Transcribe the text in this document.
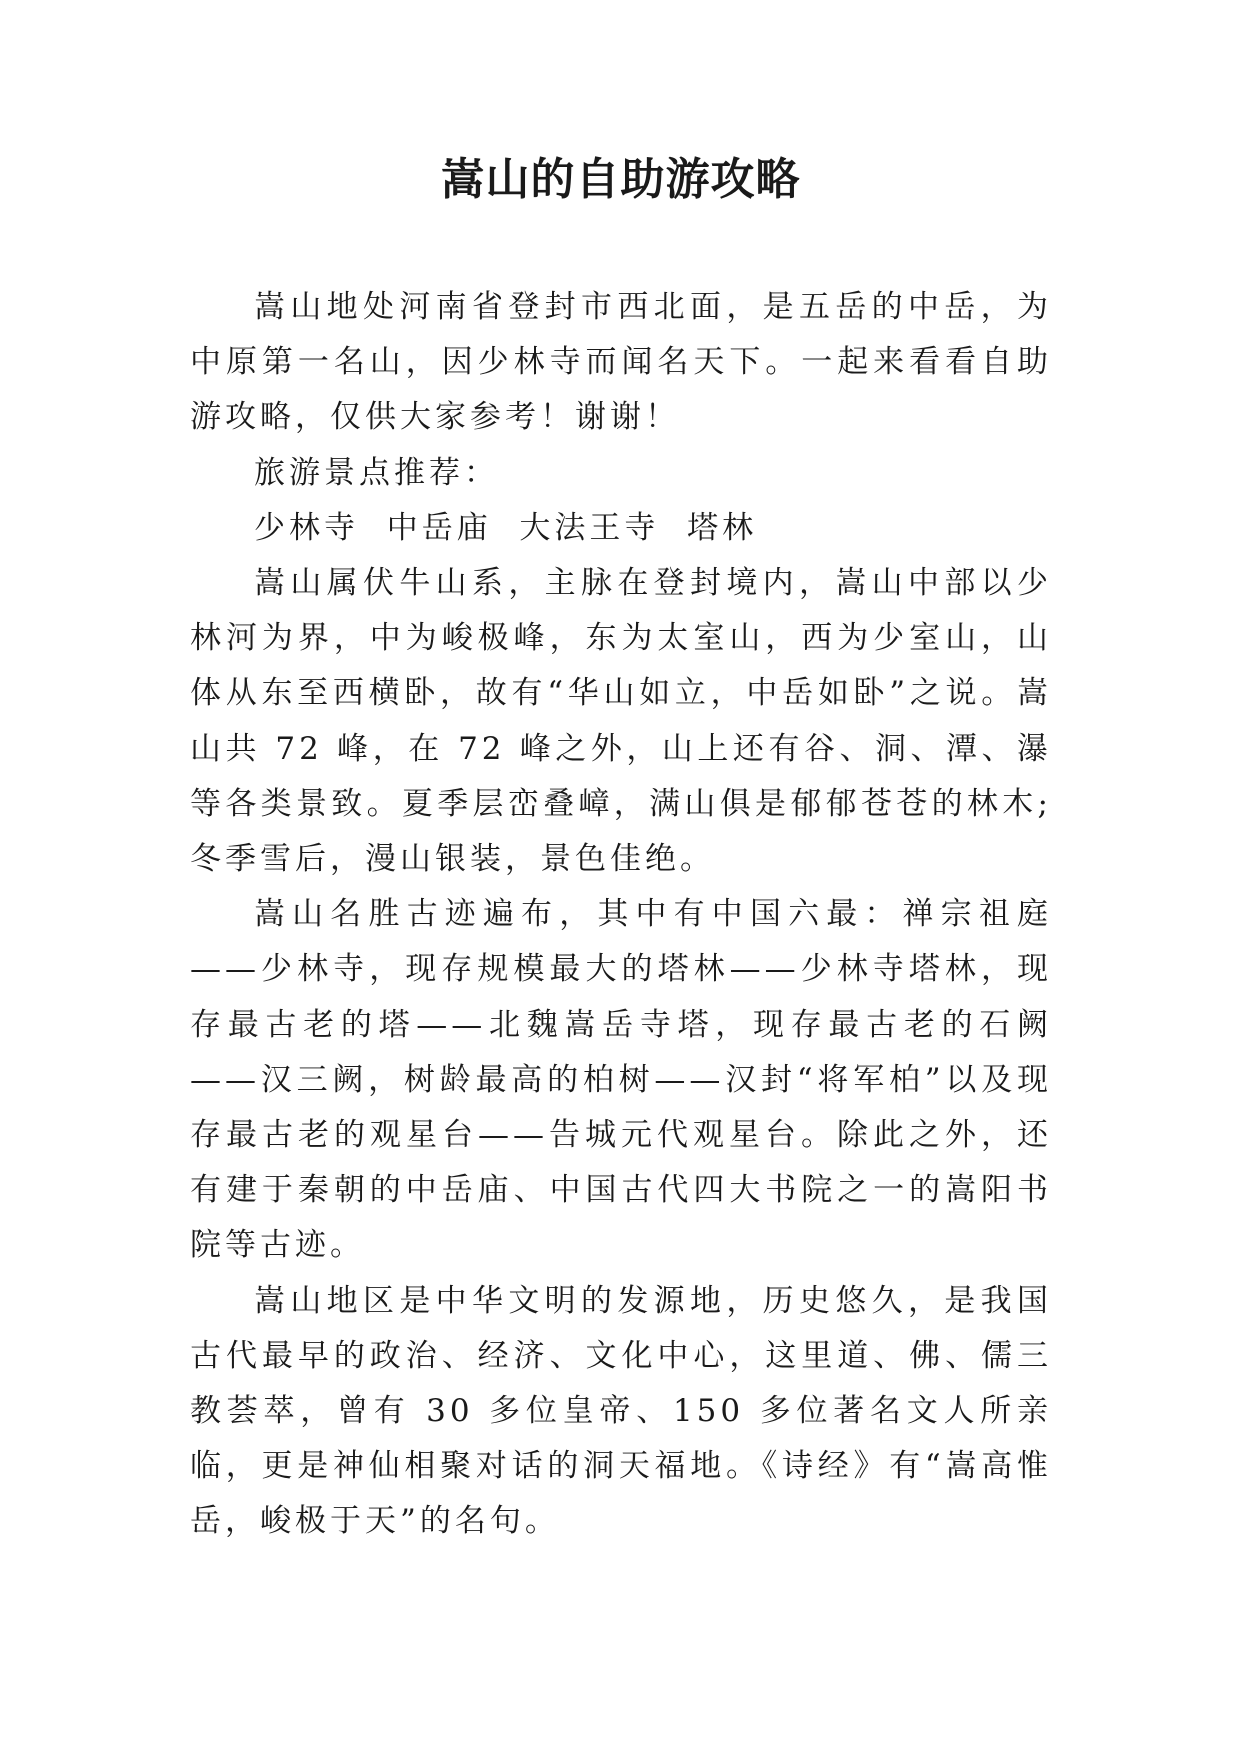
嵩山的自助游攻略

嵩山地处河南省登封市西北面，是五岳的中岳，为中原第一名山，因少林寺而闻名天下。一起来看看自助游攻略，仅供大家参考！谢谢！

旅游景点推荐：

少林寺  中岳庙  大法王寺  塔林

嵩山属伏牛山系，主脉在登封境内，嵩山中部以少林河为界，中为峻极峰，东为太室山，西为少室山，山体从东至西横卧，故有“华山如立，中岳如卧”之说。嵩山共 72 峰，在 72 峰之外，山上还有谷、洞、潭、瀑等各类景致。夏季层峦叠嶂，满山俱是郁郁苍苍的林木;冬季雪后，漫山银装，景色佳绝。

嵩山名胜古迹遍布，其中有中国六最：禅宗祖庭——少林寺，现存规模最大的塔林——少林寺塔林，现存最古老的塔——北魏嵩岳寺塔，现存最古老的石阙——汉三阙，树龄最高的柏树——汉封“将军柏”以及现存最古老的观星台——告城元代观星台。除此之外，还有建于秦朝的中岳庙、中国古代四大书院之一的嵩阳书院等古迹。

嵩山地区是中华文明的发源地，历史悠久，是我国古代最早的政治、经济、文化中心，这里道、佛、儒三教荟萃，曾有 30 多位皇帝、150 多位著名文人所亲临，更是神仙相聚对话的洞天福地。《诗经》有“嵩高惟岳，峻极于天”的名句。
